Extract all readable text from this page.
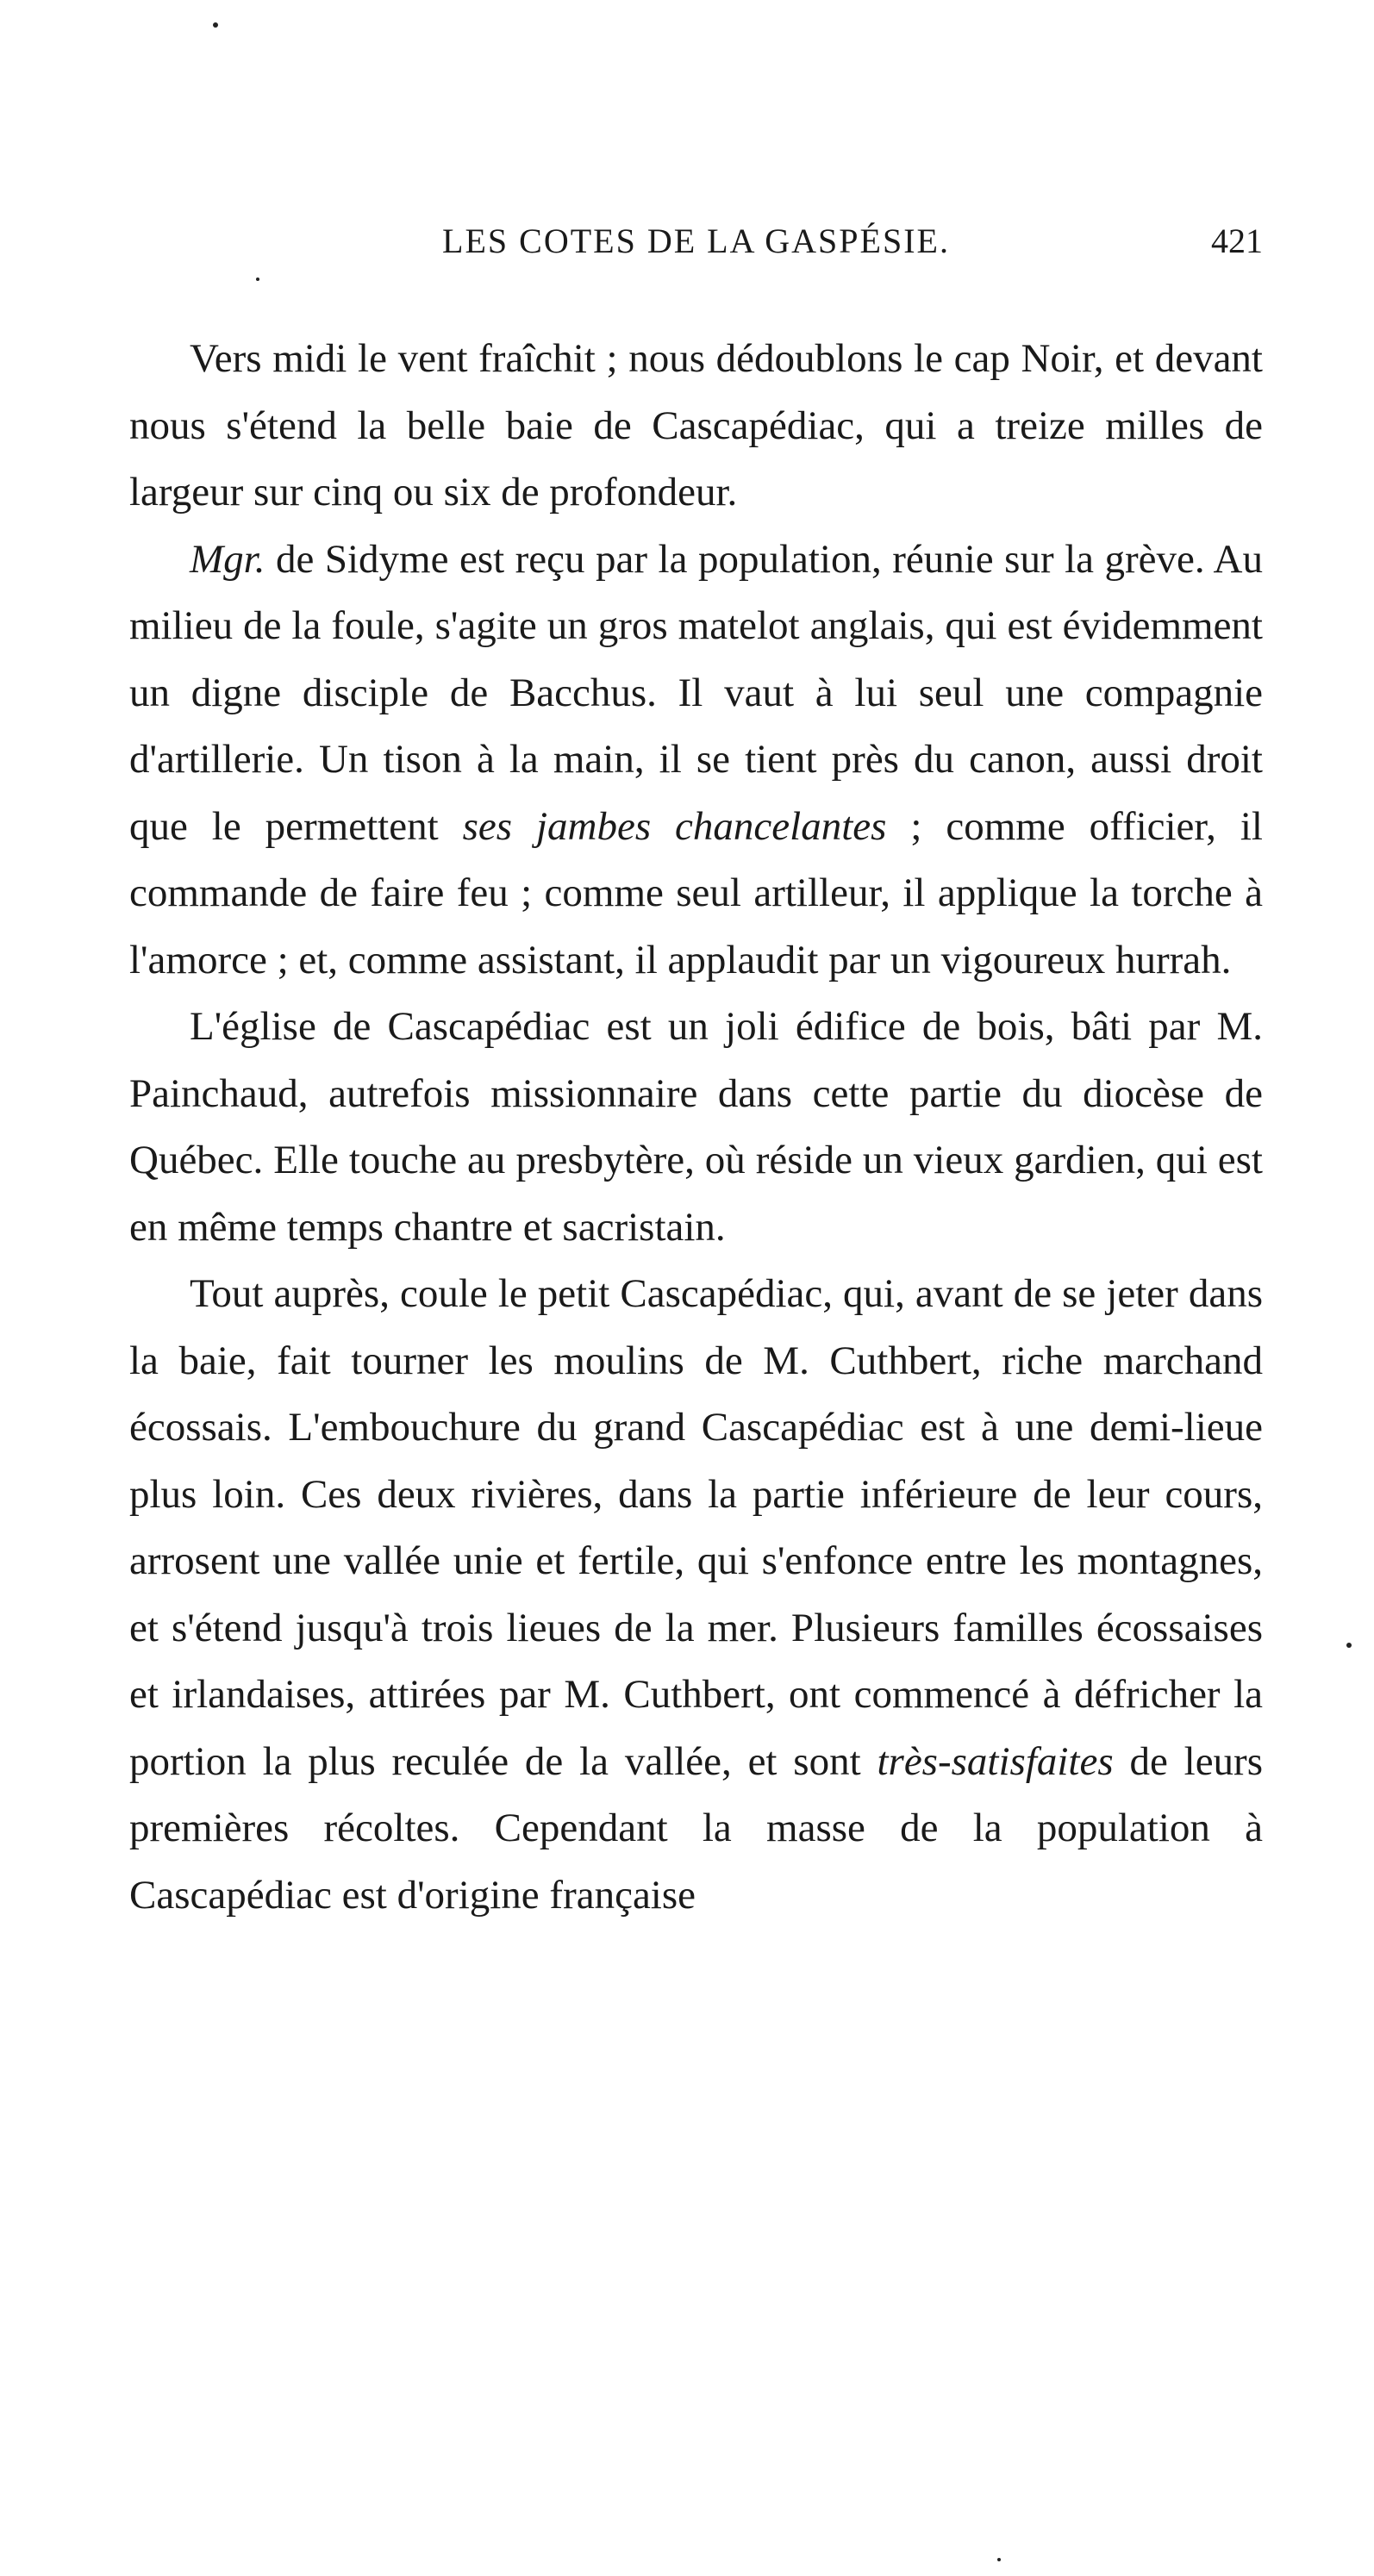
LES COTES DE LA GASPÉSIE.	421

Vers midi le vent fraîchit ; nous dédoublons le cap Noir, et devant nous s'étend la belle baie de Cascapédiac, qui a treize milles de largeur sur cinq ou six de profondeur.

Mgr. de Sidyme est reçu par la population, réunie sur la grève. Au milieu de la foule, s'agite un gros matelot anglais, qui est évidemment un digne disciple de Bacchus. Il vaut à lui seul une compagnie d'artillerie. Un tison à la main, il se tient près du canon, aussi droit que le permettent ses jambes chancelantes ; comme officier, il commande de faire feu ; comme seul artilleur, il applique la torche à l'amorce ; et, comme assistant, il applaudit par un vigoureux hurrah.

L'église de Cascapédiac est un joli édifice de bois, bâti par M. Painchaud, autrefois missionnaire dans cette partie du diocèse de Québec. Elle touche au presbytère, où réside un vieux gardien, qui est en même temps chantre et sacristain.

Tout auprès, coule le petit Cascapédiac, qui, avant de se jeter dans la baie, fait tourner les moulins de M. Cuthbert, riche marchand écossais. L'embouchure du grand Cascapédiac est à une demi-lieue plus loin. Ces deux rivières, dans la partie inférieure de leur cours, arrosent une vallée unie et fertile, qui s'enfonce entre les montagnes, et s'étend jusqu'à trois lieues de la mer. Plusieurs familles écossaises et irlandaises, attirées par M. Cuthbert, ont commencé à défricher la portion la plus reculée de la vallée, et sont très-satisfaites de leurs premières récoltes. Cependant la masse de la population à Cascapédiac est d'origine française
